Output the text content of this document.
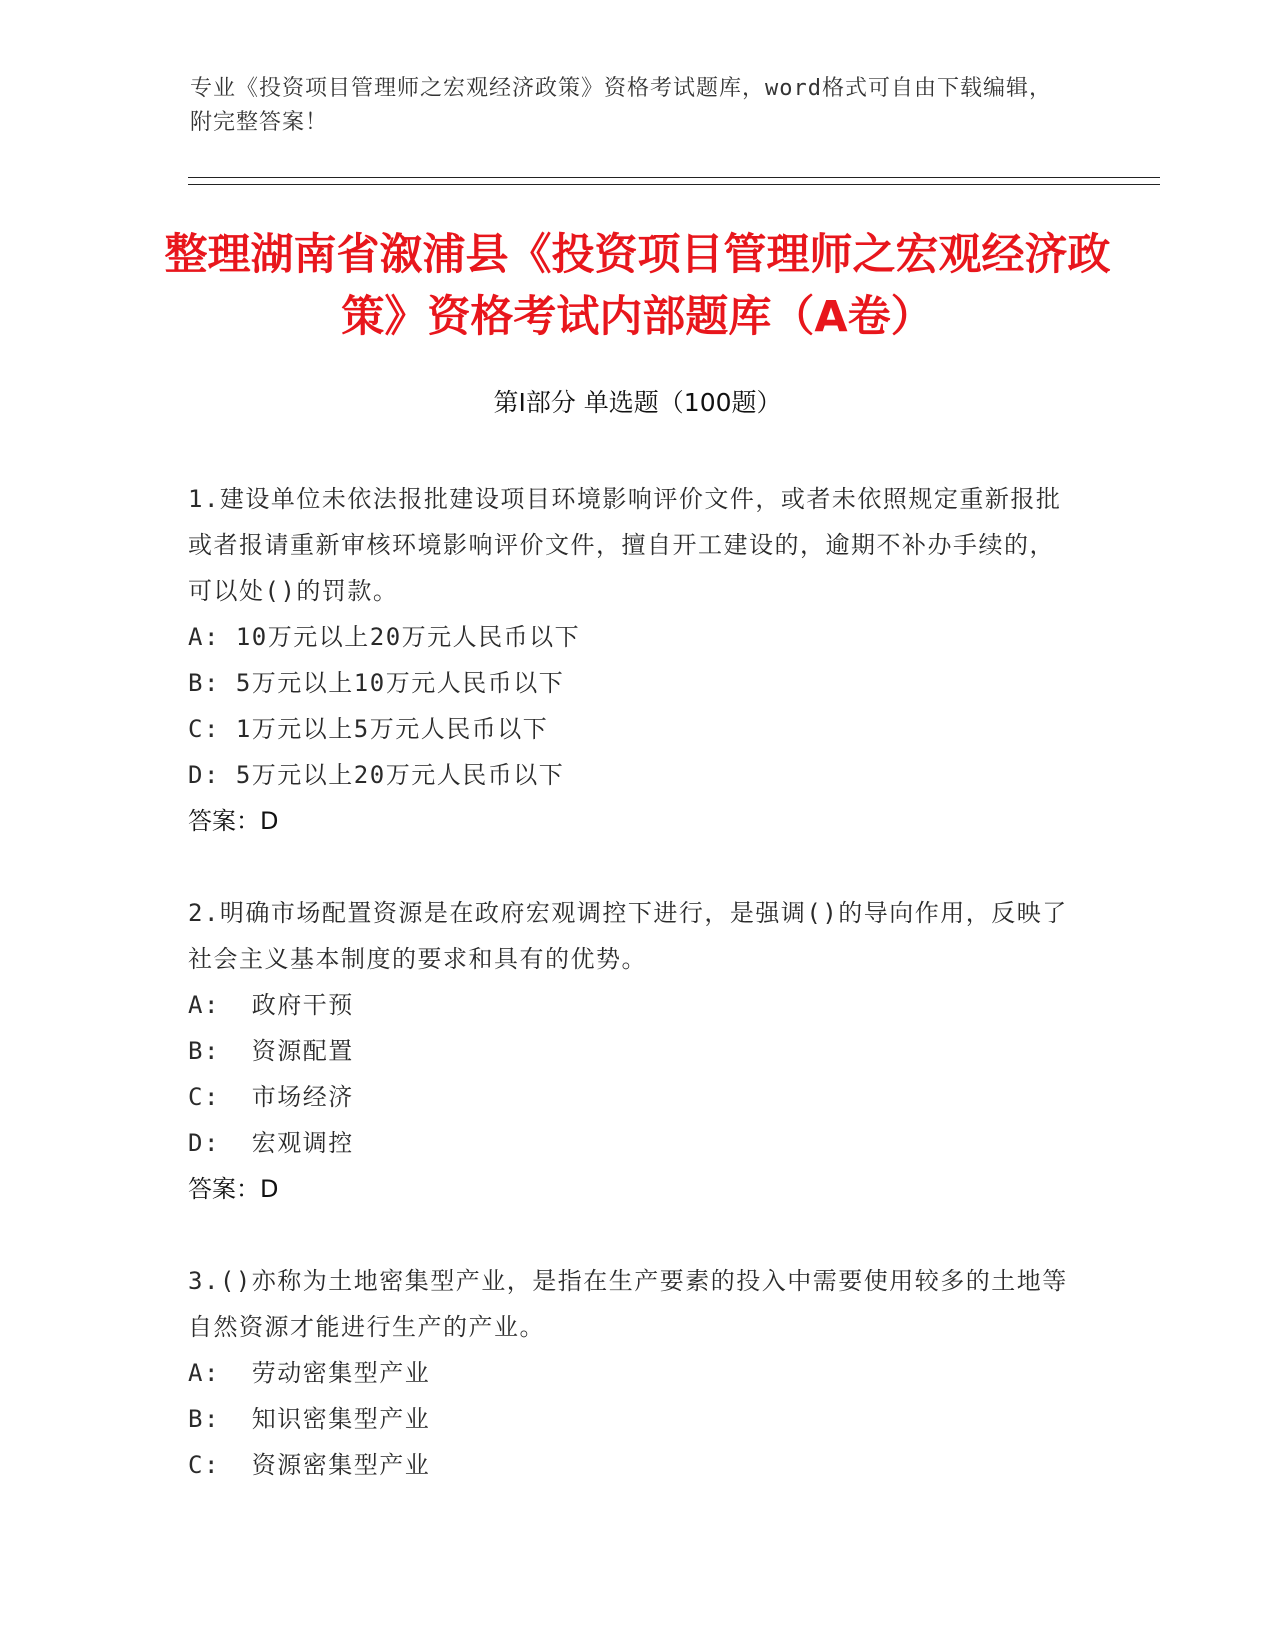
专业《投资项目管理师之宏观经济政策》资格考试题库，word格式可自由下载编辑，附完整答案！
整理湖南省溆浦县《投资项目管理师之宏观经济政策》资格考试内部题库（A卷）
第Ⅰ部分 单选题（100题）
1.建设单位未依法报批建设项目环境影响评价文件，或者未依照规定重新报批或者报请重新审核环境影响评价文件，擅自开工建设的，逾期不补办手续的，可以处()的罚款。
A: 10万元以上20万元人民币以下
B: 5万元以上10万元人民币以下
C: 1万元以上5万元人民币以下
D: 5万元以上20万元人民币以下
答案：D
2.明确市场配置资源是在政府宏观调控下进行，是强调()的导向作用，反映了社会主义基本制度的要求和具有的优势。
A:  政府干预
B:  资源配置
C:  市场经济
D:  宏观调控
答案：D
3.()亦称为土地密集型产业，是指在生产要素的投入中需要使用较多的土地等自然资源才能进行生产的产业。
A:  劳动密集型产业
B:  知识密集型产业
C:  资源密集型产业
